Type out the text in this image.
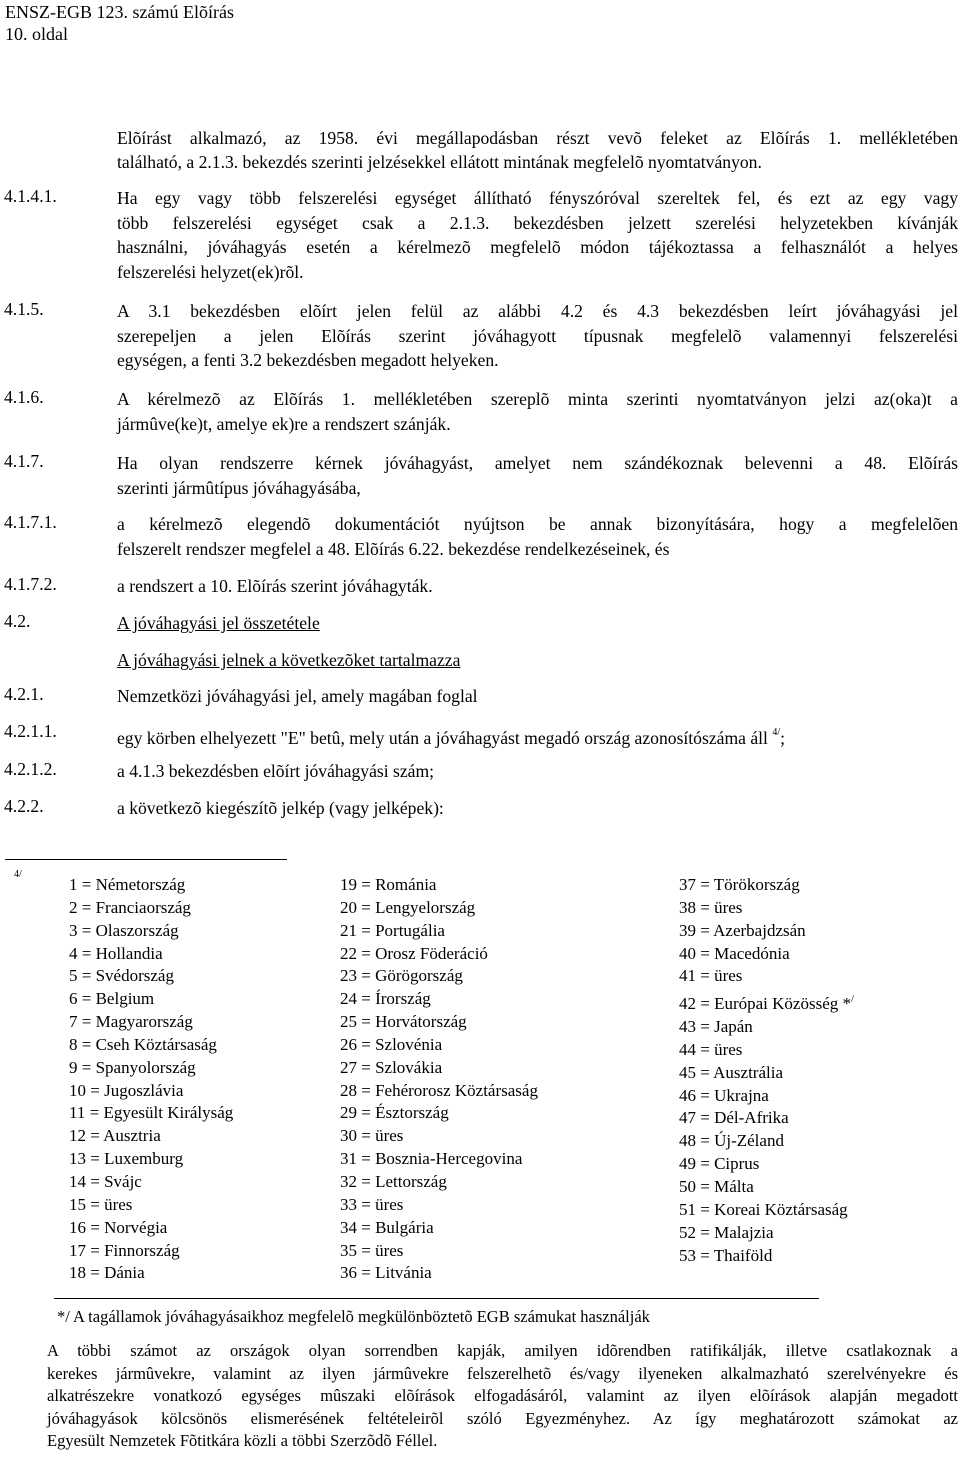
ENSZ-EGB 123. számú Elõírás
10. oldal
Elõírást alkalmazó, az 1958. évi megállapodásban részt vevõ feleket az Elõírás 1. mellékletében
található, a 2.1.3. bekezdés szerinti jelzésekkel ellátott mintának megfelelõ nyomtatványon.
4.1.4.1.	Ha egy vagy több felszerelési egységet állítható fényszóróval szereltek fel, és ezt az egy vagy
több felszerelési egységet csak a 2.1.3. bekezdésben jelzett szerelési helyzetekben kívánják
használni, jóváhagyás esetén a kérelmezõ megfelelõ módon tájékoztassa a felhasználót a helyes
felszerelési helyzet(ek)rõl.
4.1.5.	A 3.1 bekezdésben elõírt jelen felül az alábbi 4.2 és 4.3 bekezdésben leírt jóváhagyási jel
szerepeljen a jelen Elõírás szerint jóváhagyott típusnak megfelelõ valamennyi felszerelési
egységen, a fenti 3.2 bekezdésben megadott helyeken.
4.1.6.	A kérelmezõ az Elõírás 1. mellékletében szereplõ minta szerinti nyomtatványon jelzi az(oka)t a
jármûve(ke)t, amelye ek)re a rendszert szánják.
4.1.7.	Ha olyan rendszerre kérnek jóváhagyást, amelyet nem szándékoznak belevenni a 48. Elõírás
szerinti jármûtípus jóváhagyásába,
4.1.7.1.	a kérelmezõ elegendõ dokumentációt nyújtson be annak bizonyítására, hogy a megfelelõen
felszerelt rendszer megfelel a 48. Elõírás 6.22. bekezdése rendelkezéseinek, és
4.1.7.2.	a rendszert a 10. Elõírás szerint jóváhagyták.
4.2.	A jóváhagyási jel összetétele
A jóváhagyási jelnek a következõket tartalmazza
4.2.1.	Nemzetközi jóváhagyási jel, amely magában foglal
4.2.1.1.	egy körben elhelyezett "E" betû, mely után a jóváhagyást megadó ország azonosítószáma áll $^{4/}$;
4.2.1.2.	a 4.1.3 bekezdésben elõírt jóváhagyási szám;
4.2.2.	a következõ kiegészítõ jelkép (vagy jelképek):
4/
1 = Németország
2 = Franciaország
3 = Olaszország
4 = Hollandia
5 = Svédország
6 = Belgium
7 = Magyarország
8 = Cseh Köztársaság
9 = Spanyolország
10 = Jugoszlávia
11 = Egyesült Királyság
12 = Ausztria
13 = Luxemburg
14 = Svájc
15 = üres
16 = Norvégia
17 = Finnország
18 = Dánia
19 = Románia
20 = Lengyelország
21 = Portugália
22 = Orosz Föderáció
23 = Görögország
24 = Írország
25 = Horvátország
26 = Szlovénia
27 = Szlovákia
28 = Fehérorosz Köztársaság
29 = Észtország
30 = üres
31 = Bosznia-Hercegovina
32 = Lettország
33 = üres
34 = Bulgária
35 = üres
36 = Litvánia
37 = Törökország
38 = üres
39 = Azerbajdzsán
40 = Macedónia
41 = üres
42 = Európai Közösség */
43 = Japán
44 = üres
45 = Ausztrália
46 = Ukrajna
47 = Dél-Afrika
48 = Új-Zéland
49 = Ciprus
50 = Málta
51 = Koreai Köztársaság
52 = Malajzia
53 = Thaiföld
*/ A tagállamok jóváhagyásaikhoz megfelelõ megkülönböztetõ EGB számukat használják
A többi számot az országok olyan sorrendben kapják, amilyen idõrendben ratifikálják, illetve csatlakoznak a
kerekes jármûvekre, valamint az ilyen jármûvekre felszerelhetõ és/vagy ilyeneken alkalmazható szerelvényekre és
alkatrészekre vonatkozó egységes mûszaki elõírások elfogadásáról, valamint az ilyen elõírások alapján megadott
jóváhagyások kölcsönös elismerésének feltételeirõl szóló Egyezményhez. Az így meghatározott számokat az
Egyesült Nemzetek Fõtitkára közli a többi Szerzõdõ Féllel.
